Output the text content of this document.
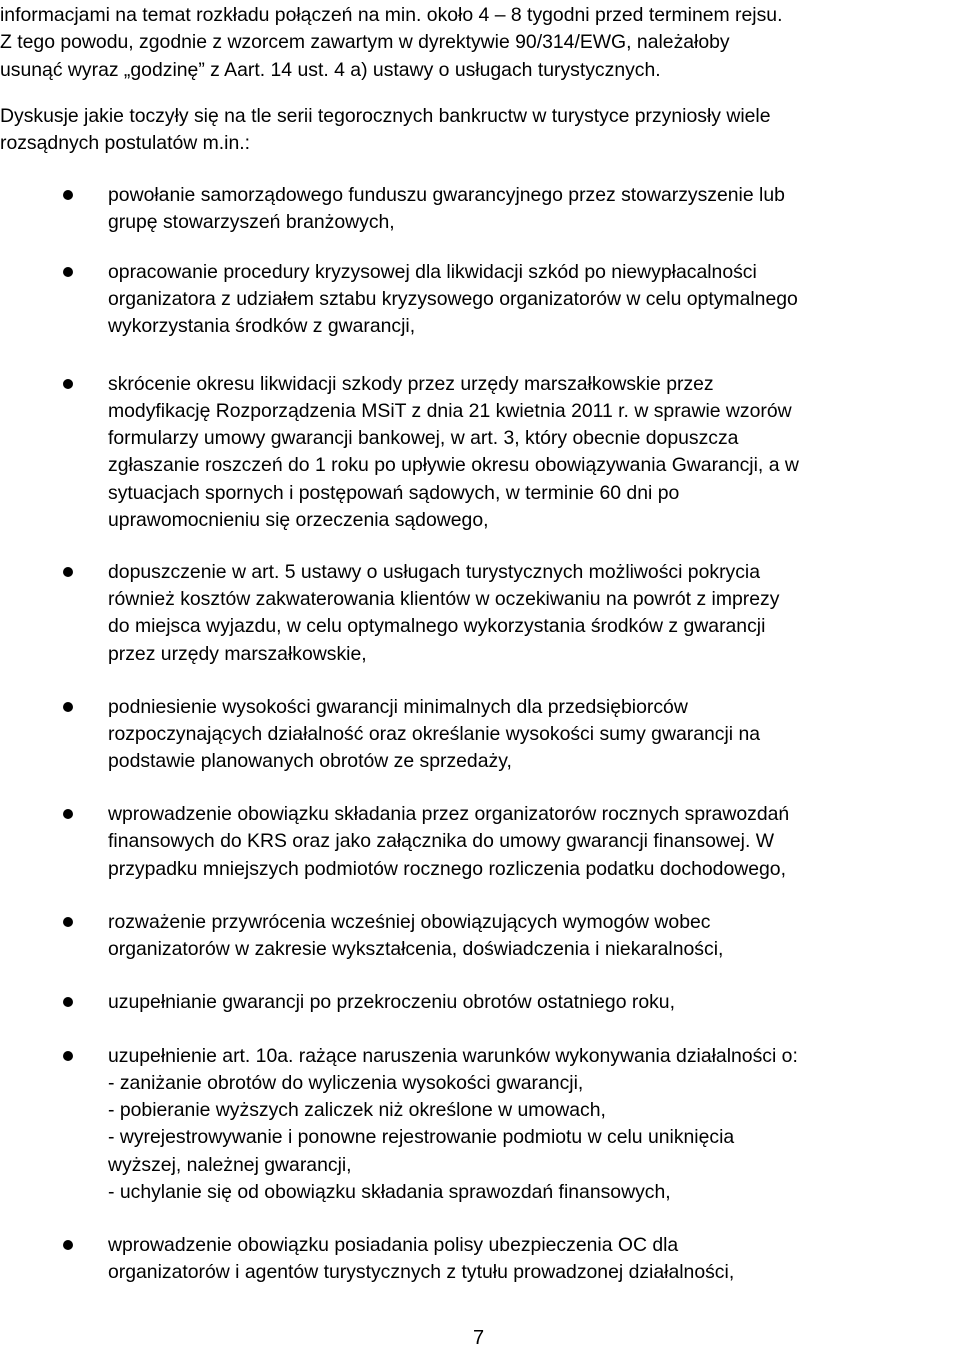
informacjami na temat rozkładu połączeń na min. około 4 – 8 tygodni przed terminem rejsu.
Z tego powodu, zgodnie z wzorcem zawartym w dyrektywie 90/314/EWG, należałoby
usunąć wyraz „godzinę” z Aart. 14 ust. 4 a) ustawy o usługach turystycznych.
Dyskusje jakie toczyły się na tle serii tegorocznych bankructw w turystyce przyniosły wiele
rozsądnych postulatów m.in.:
powołanie samorządowego funduszu gwarancyjnego przez stowarzyszenie lub
grupę stowarzyszeń branżowych,
opracowanie procedury kryzysowej dla likwidacji szkód po niewypłacalności
organizatora z udziałem sztabu kryzysowego organizatorów w celu optymalnego
wykorzystania środków z gwarancji,
skrócenie okresu likwidacji szkody przez urzędy marszałkowskie przez
modyfikację Rozporządzenia MSiT z dnia 21 kwietnia 2011 r. w sprawie wzorów
formularzy umowy gwarancji bankowej, w art. 3, który obecnie dopuszcza
zgłaszanie roszczeń do 1 roku po upływie okresu obowiązywania Gwarancji, a w
sytuacjach spornych i postępowań sądowych, w terminie 60 dni po
uprawomocnieniu się orzeczenia sądowego,
dopuszczenie w art. 5 ustawy o usługach turystycznych możliwości pokrycia
również kosztów zakwaterowania klientów w oczekiwaniu na powrót z imprezy
do miejsca wyjazdu, w celu optymalnego wykorzystania środków z gwarancji
przez urzędy marszałkowskie,
podniesienie wysokości gwarancji minimalnych dla przedsiębiorców
rozpoczynających działalność oraz określanie wysokości sumy gwarancji na
podstawie planowanych obrotów ze sprzedaży,
wprowadzenie obowiązku składania przez organizatorów rocznych sprawozdań
finansowych do KRS oraz jako załącznika do umowy gwarancji finansowej. W
przypadku mniejszych podmiotów rocznego rozliczenia podatku dochodowego,
rozważenie przywrócenia wcześniej obowiązujących wymogów wobec
organizatorów w zakresie wykształcenia, doświadczenia i niekaralności,
uzupełnianie gwarancji po przekroczeniu obrotów ostatniego roku,
uzupełnienie art. 10a. rażące naruszenia warunków wykonywania działalności o:
- zaniżanie obrotów do wyliczenia wysokości gwarancji,
- pobieranie wyższych zaliczek niż określone w umowach,
- wyrejestrowywanie i ponowne rejestrowanie podmiotu w celu uniknięcia
wyższej, należnej gwarancji,
- uchylanie się od obowiązku składania sprawozdań finansowych,
wprowadzenie obowiązku posiadania polisy ubezpieczenia OC dla
organizatorów i agentów turystycznych z tytułu prowadzonej działalności,
7
